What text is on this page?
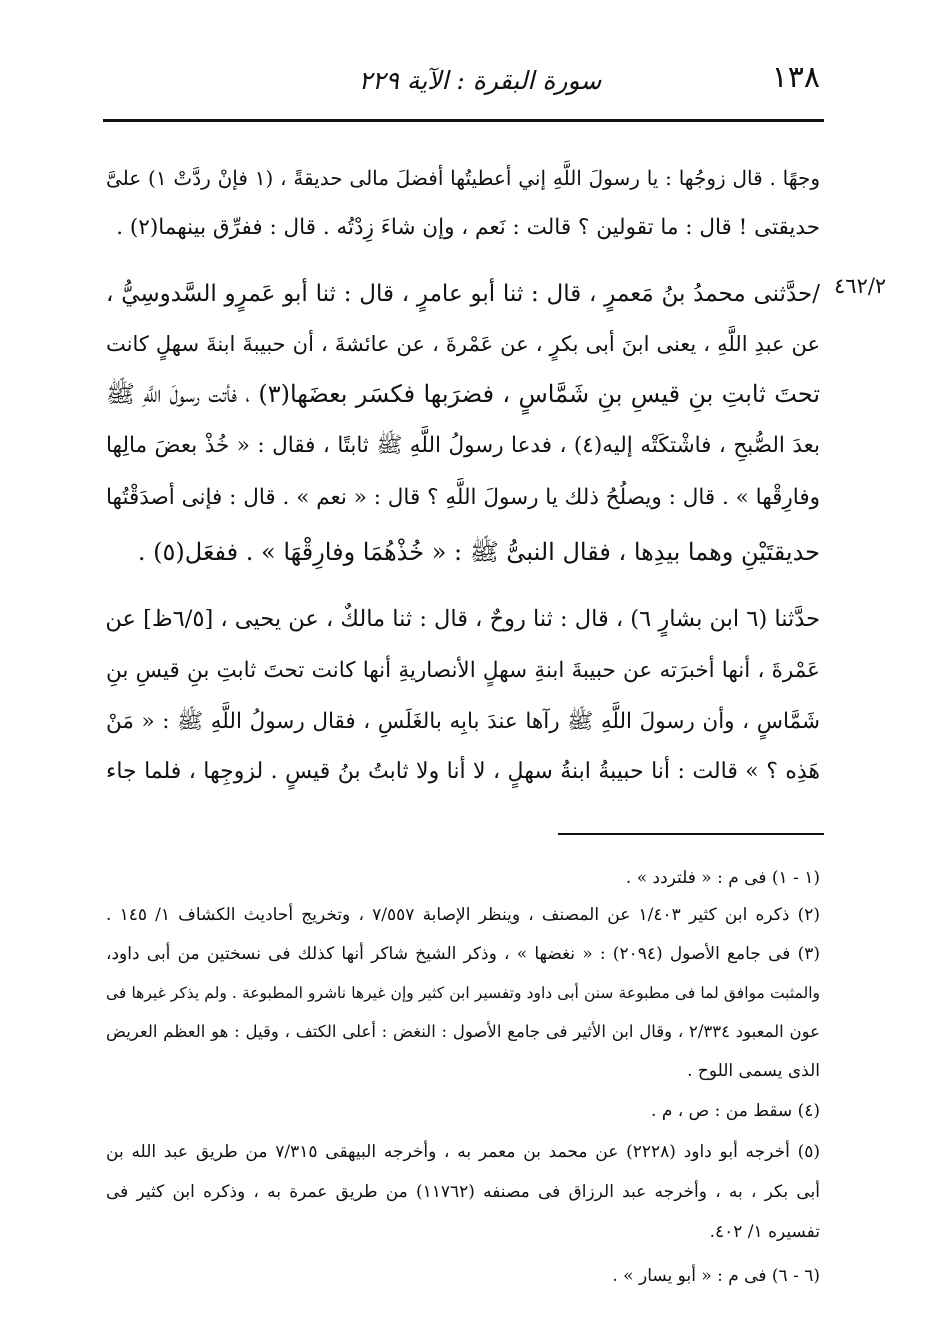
١٣٨
سورة البقرة : الآية ٢٢٩
٤٦٢/٢
وجهًا . قال زوجُها : يا رسولَ اللَّهِ إني أعطيتُها أفضلَ مالى حديقةً ، (١ فإنْ ردَّتْ ١) علىَّ
حديقتى ! قال : ما تقولين ؟ قالت : نَعم ، وإن شاءَ زِدْتُه . قال : ففرِّق بينهما(٢) .
/حدَّثنى محمدُ بنُ مَعمرٍ ، قال : ثنا أبو عامرٍ ، قال : ثنا أبو عَمرٍو السَّدوسِيُّ ،
عن عبدِ اللَّهِ ، يعنى ابنَ أبى بكرٍ ، عن عَمْرةَ ، عن عائشةَ ، أن حبيبةَ ابنةَ سهلٍ كانت
تحتَ ثابتِ بنِ قيسِ بنِ شَمَّاسٍ ، فضرَبها فكسَر بعضَها(٣) ، فأتت رسولَ اللَّهِ ﷺ
بعدَ الصُّبحِ ، فاشْتكَتْه إليه(٤) ، فدعا رسولُ اللَّهِ ﷺ ثابتًا ، فقال : « خُذْ بعضَ مالِها
وفارِقْها » . قال : ويصلُحُ ذلك يا رسولَ اللَّهِ ؟ قال : « نعم » . قال : فإنى أصدَقْتُها
حديقتَيْنِ وهما بيدِها ، فقال النبىُّ ﷺ : « خُذْهُمَا وفارِقْهَا » . ففعَل(٥) .
حدَّثنا (٦ ابن بشارٍ ٦) ، قال : ثنا روحٌ ، قال : ثنا مالكٌ ، عن يحيى ، [٦/٥ظ] عن
عَمْرةَ ، أنها أخبرَته عن حبيبةَ ابنةِ سهلٍ الأنصاريةِ أنها كانت تحتَ ثابتِ بنِ قيسِ بنِ
شَمَّاسٍ ، وأن رسولَ اللَّهِ ﷺ رآها عندَ بابِه بالغَلَسِ ، فقال رسولُ اللَّهِ ﷺ : « مَنْ
هَذِه ؟ » قالت : أنا حبيبةُ ابنةُ سهلٍ ، لا أنا ولا ثابتُ بنُ قيسٍ . لزوجِها ، فلما جاء
(١ - ١) فى م : « فلتردد » .
(٢) ذكره ابن كثير ١/٤٠٣ عن المصنف ، وينظر الإصابة ٧/٥٥٧ ، وتخريج أحاديث الكشاف ١/ ١٤٥ .
(٣) فى جامع الأصول (٢٠٩٤) : « نغضها » ، وذكر الشيخ شاكر أنها كذلك فى نسختين من أبى داود،
والمثبت موافق لما فى مطبوعة سنن أبى داود وتفسير ابن كثير وإن غيرها ناشرو المطبوعة . ولم يذكر غيرها فى
عون المعبود ٢/٣٣٤ ، وقال ابن الأثير فى جامع الأصول : النغض : أعلى الكتف ، وقيل : هو العظم العريض
الذى يسمى اللوح .
(٤) سقط من : ص ، م .
(٥) أخرجه أبو داود (٢٢٢٨) عن محمد بن معمر به ، وأخرجه البيهقى ٧/٣١٥ من طريق عبد الله بن
أبى بكر ، به ، وأخرجه عبد الرزاق فى مصنفه (١١٧٦٢) من طريق عمرة به ، وذكره ابن كثير فى
تفسيره ١/ ٤٠٢.
(٦ - ٦) فى م : « أبو يسار » .
